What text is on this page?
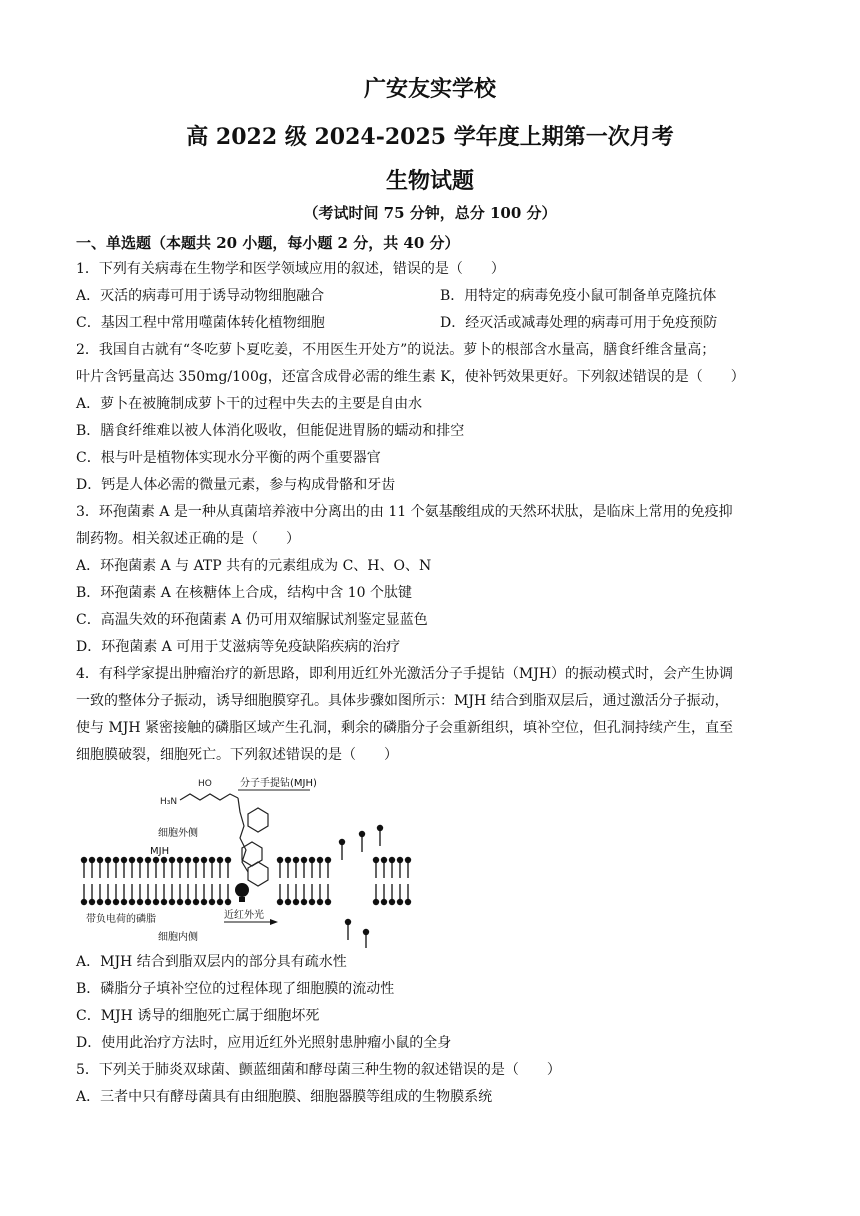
广安友实学校
高 2022 级 2024-2025 学年度上期第一次月考
生物试题
（考试时间 75 分钟，总分 100 分）
一、单选题（本题共 20 小题，每小题 2 分，共 40 分）
1．下列有关病毒在生物学和医学领域应用的叙述，错误的是（　　）
A．灭活的病毒可用于诱导动物细胞融合	B．用特定的病毒免疫小鼠可制备单克隆抗体
C．基因工程中常用噬菌体转化植物细胞	D．经灭活或减毒处理的病毒可用于免疫预防
2．我国自古就有“冬吃萝卜夏吃姜，不用医生开处方”的说法。萝卜的根部含水量高，膳食纤维含量高；
叶片含钙量高达 350mg/100g，还富含成骨必需的维生素 K，使补钙效果更好。下列叙述错误的是（　　）
A．萝卜在被腌制成萝卜干的过程中失去的主要是自由水
B．膳食纤维难以被人体消化吸收，但能促进胃肠的蠕动和排空
C．根与叶是植物体实现水分平衡的两个重要器官
D．钙是人体必需的微量元素，参与构成骨骼和牙齿
3．环孢菌素 A 是一种从真菌培养液中分离出的由 11 个氨基酸组成的天然环状肽，是临床上常用的免疫抑
制药物。相关叙述正确的是（　　）
A．环孢菌素 A 与 ATP 共有的元素组成为 C、H、O、N
B．环孢菌素 A 在核糖体上合成，结构中含 10 个肽键
C．高温失效的环孢菌素 A 仍可用双缩脲试剂鉴定显蓝色
D．环孢菌素 A 可用于艾滋病等免疫缺陷疾病的治疗
4．有科学家提出肿瘤治疗的新思路，即利用近红外光激活分子手提钻（MJH）的振动模式时，会产生协调
一致的整体分子振动，诱导细胞膜穿孔。具体步骤如图所示：MJH 结合到脂双层后，通过激活分子振动，
使与 MJH 紧密接触的磷脂区域产生孔洞，剩余的磷脂分子会重新组织，填补空位，但孔洞持续产生，直至
细胞膜破裂，细胞死亡。下列叙述错误的是（　　）
H₃N
HO	分子手提钻(MJH)
细胞外侧
MJH
近红外光
带负电荷的磷脂
细胞内侧
A．MJH 结合到脂双层内的部分具有疏水性
B．磷脂分子填补空位的过程体现了细胞膜的流动性
C．MJH 诱导的细胞死亡属于细胞坏死
D．使用此治疗方法时，应用近红外光照射患肿瘤小鼠的全身
5．下列关于肺炎双球菌、颤蓝细菌和酵母菌三种生物的叙述错误的是（　　）
A．三者中只有酵母菌具有由细胞膜、细胞器膜等组成的生物膜系统
